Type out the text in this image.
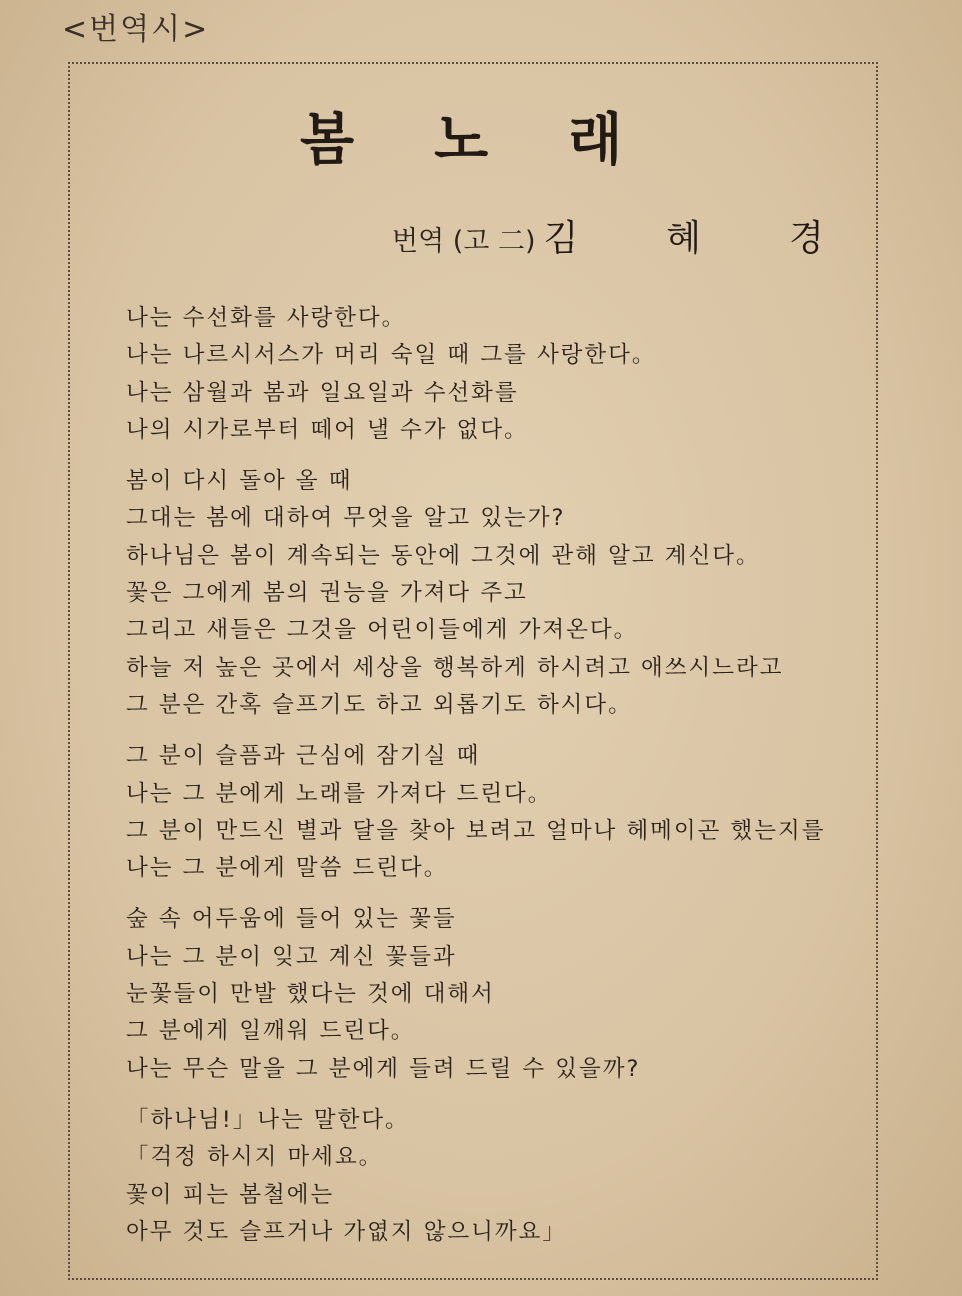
<번역시>
봄노래
번역 (고 二) 김혜경
나는 수선화를 사랑한다。
나는 나르시서스가 머리 숙일 때 그를 사랑한다。
나는 삼월과 봄과 일요일과 수선화를
나의 시가로부터 떼어 낼 수가 없다。
봄이 다시 돌아 올 때
그대는 봄에 대하여 무엇을 알고 있는가?
하나님은 봄이 계속되는 동안에 그것에 관해 알고 계신다。
꽃은 그에게 봄의 권능을 가져다 주고
그리고 새들은 그것을 어린이들에게 가져온다。
하늘 저 높은 곳에서 세상을 행복하게 하시려고 애쓰시느라고
그 분은 간혹 슬프기도 하고 외롭기도 하시다。
그 분이 슬픔과 근심에 잠기실 때
나는 그 분에게 노래를 가져다 드린다。
그 분이 만드신 별과 달을 찾아 보려고 얼마나 헤메이곤 했는지를
나는 그 분에게 말씀 드린다。
숲 속 어두움에 들어 있는 꽃들
나는 그 분이 잊고 계신 꽃들과
눈꽃들이 만발 했다는 것에 대해서
그 분에게 일깨워 드린다。
나는 무슨 말을 그 분에게 들려 드릴 수 있을까?
「하나님!」나는 말한다。
「걱정 하시지 마세요。
꽃이 피는 봄철에는
아무 것도 슬프거나 가엾지 않으니까요」
